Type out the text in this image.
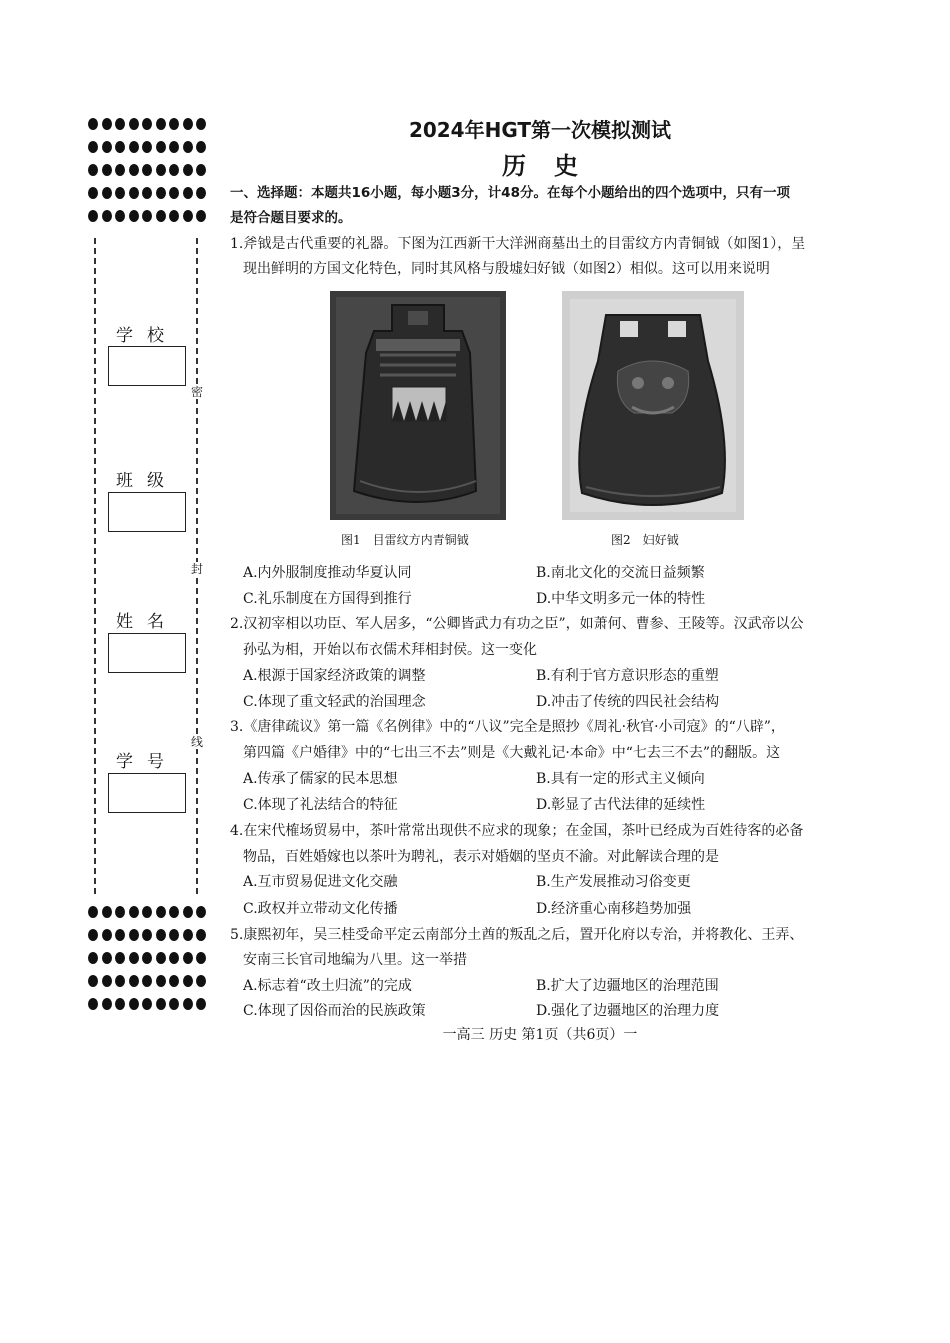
密
封
线
学校
班级
姓名
学号
2024年HGT第一次模拟测试
历史
一、选择题：本题共16小题，每小题3分，计48分。在每个小题给出的四个选项中，只有一项
是符合题目要求的。
1.斧钺是古代重要的礼器。下图为江西新干大洋洲商墓出土的目雷纹方内青铜钺（如图1），呈
现出鲜明的方国文化特色，同时其风格与殷墟妇好钺（如图2）相似。这可以用来说明
图1　目雷纹方内青铜钺	图2　妇好钺
A.内外服制度推动华夏认同	B.南北文化的交流日益频繁
C.礼乐制度在方国得到推行	D.中华文明多元一体的特性
2.汉初宰相以功臣、军人居多，“公卿皆武力有功之臣”，如萧何、曹参、王陵等。汉武帝以公
孙弘为相，开始以布衣儒术拜相封侯。这一变化
A.根源于国家经济政策的调整	B.有利于官方意识形态的重塑
C.体现了重文轻武的治国理念	D.冲击了传统的四民社会结构
3.《唐律疏议》第一篇《名例律》中的“八议”完全是照抄《周礼·秋官·小司寇》的“八辟”，
第四篇《户婚律》中的“七出三不去”则是《大戴礼记·本命》中“七去三不去”的翻版。这
A.传承了儒家的民本思想	B.具有一定的形式主义倾向
C.体现了礼法结合的特征	D.彰显了古代法律的延续性
4.在宋代榷场贸易中，茶叶常常出现供不应求的现象；在金国，茶叶已经成为百姓待客的必备
物品，百姓婚嫁也以茶叶为聘礼，表示对婚姻的坚贞不渝。对此解读合理的是
A.互市贸易促进文化交融	B.生产发展推动习俗变更
C.政权并立带动文化传播	D.经济重心南移趋势加强
5.康熙初年，吴三桂受命平定云南部分土酋的叛乱之后，置开化府以专治，并将教化、王弄、
安南三长官司地编为八里。这一举措
A.标志着“改土归流”的完成	B.扩大了边疆地区的治理范围
C.体现了因俗而治的民族政策	D.强化了边疆地区的治理力度
一高三 历史 第1页（共6页）一
